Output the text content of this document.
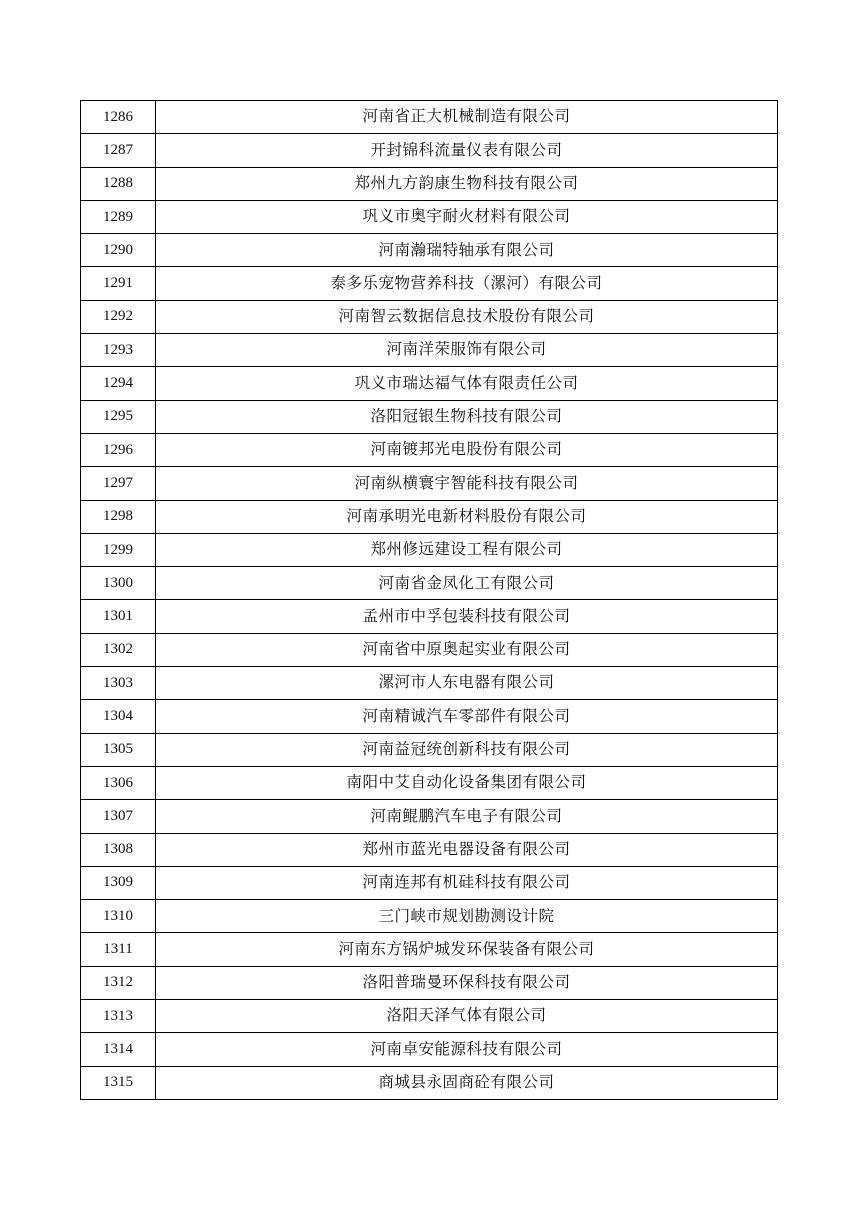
1286	河南省正大机械制造有限公司
1287	开封锦科流量仪表有限公司
1288	郑州九方韵康生物科技有限公司
1289	巩义市奥宇耐火材料有限公司
1290	河南瀚瑞特轴承有限公司
1291	泰多乐宠物营养科技（漯河）有限公司
1292	河南智云数据信息技术股份有限公司
1293	河南洋荣服饰有限公司
1294	巩义市瑞达福气体有限责任公司
1295	洛阳冠银生物科技有限公司
1296	河南镀邦光电股份有限公司
1297	河南纵横寰宇智能科技有限公司
1298	河南承明光电新材料股份有限公司
1299	郑州修远建设工程有限公司
1300	河南省金凤化工有限公司
1301	孟州市中孚包装科技有限公司
1302	河南省中原奥起实业有限公司
1303	漯河市人东电器有限公司
1304	河南精诚汽车零部件有限公司
1305	河南益冠统创新科技有限公司
1306	南阳中艾自动化设备集团有限公司
1307	河南鲲鹏汽车电子有限公司
1308	郑州市蓝光电器设备有限公司
1309	河南连邦有机硅科技有限公司
1310	三门峡市规划勘测设计院
1311	河南东方锅炉城发环保装备有限公司
1312	洛阳普瑞曼环保科技有限公司
1313	洛阳天泽气体有限公司
1314	河南卓安能源科技有限公司
1315	商城县永固商砼有限公司
